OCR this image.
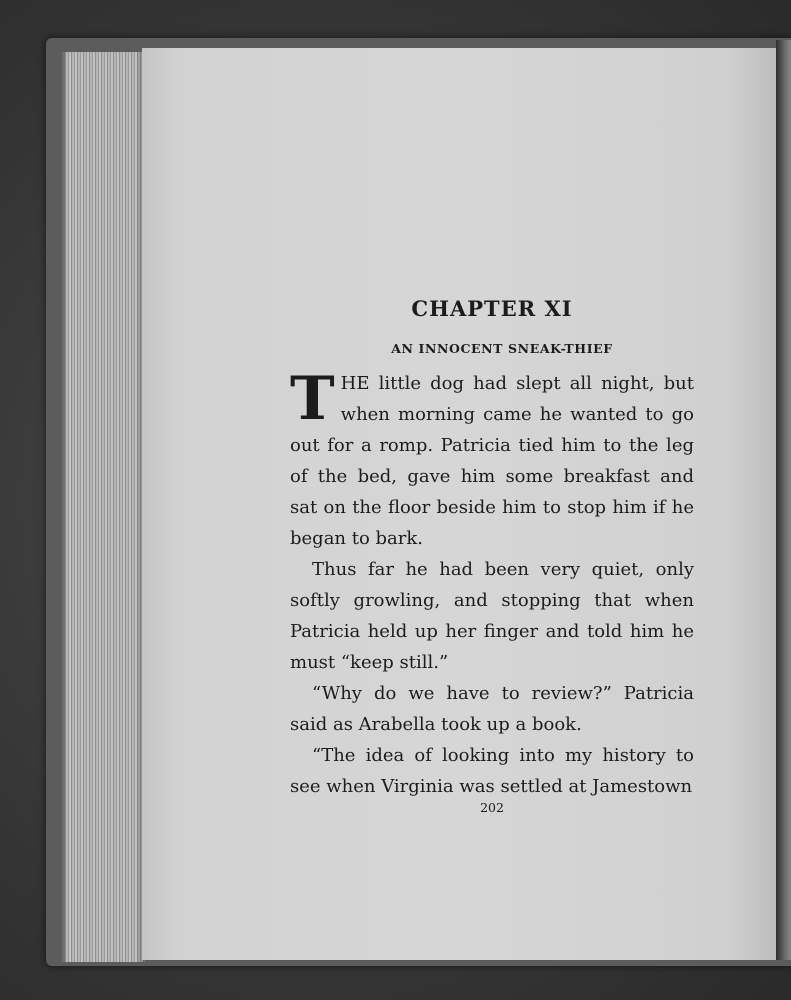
CHAPTER XI
AN INNOCENT SNEAK-THIEF

THE little dog had slept all night, but when morning came he wanted to go out for a romp. Patricia tied him to the leg of the bed, gave him some breakfast and sat on the floor beside him to stop him if he began to bark.

Thus far he had been very quiet, only softly growling, and stopping that when Patricia held up her finger and told him he must “keep still.”

“Why do we have to review?” Patricia said as Arabella took up a book.

“The idea of looking into my history to see when Virginia was settled at Jamestown

202
